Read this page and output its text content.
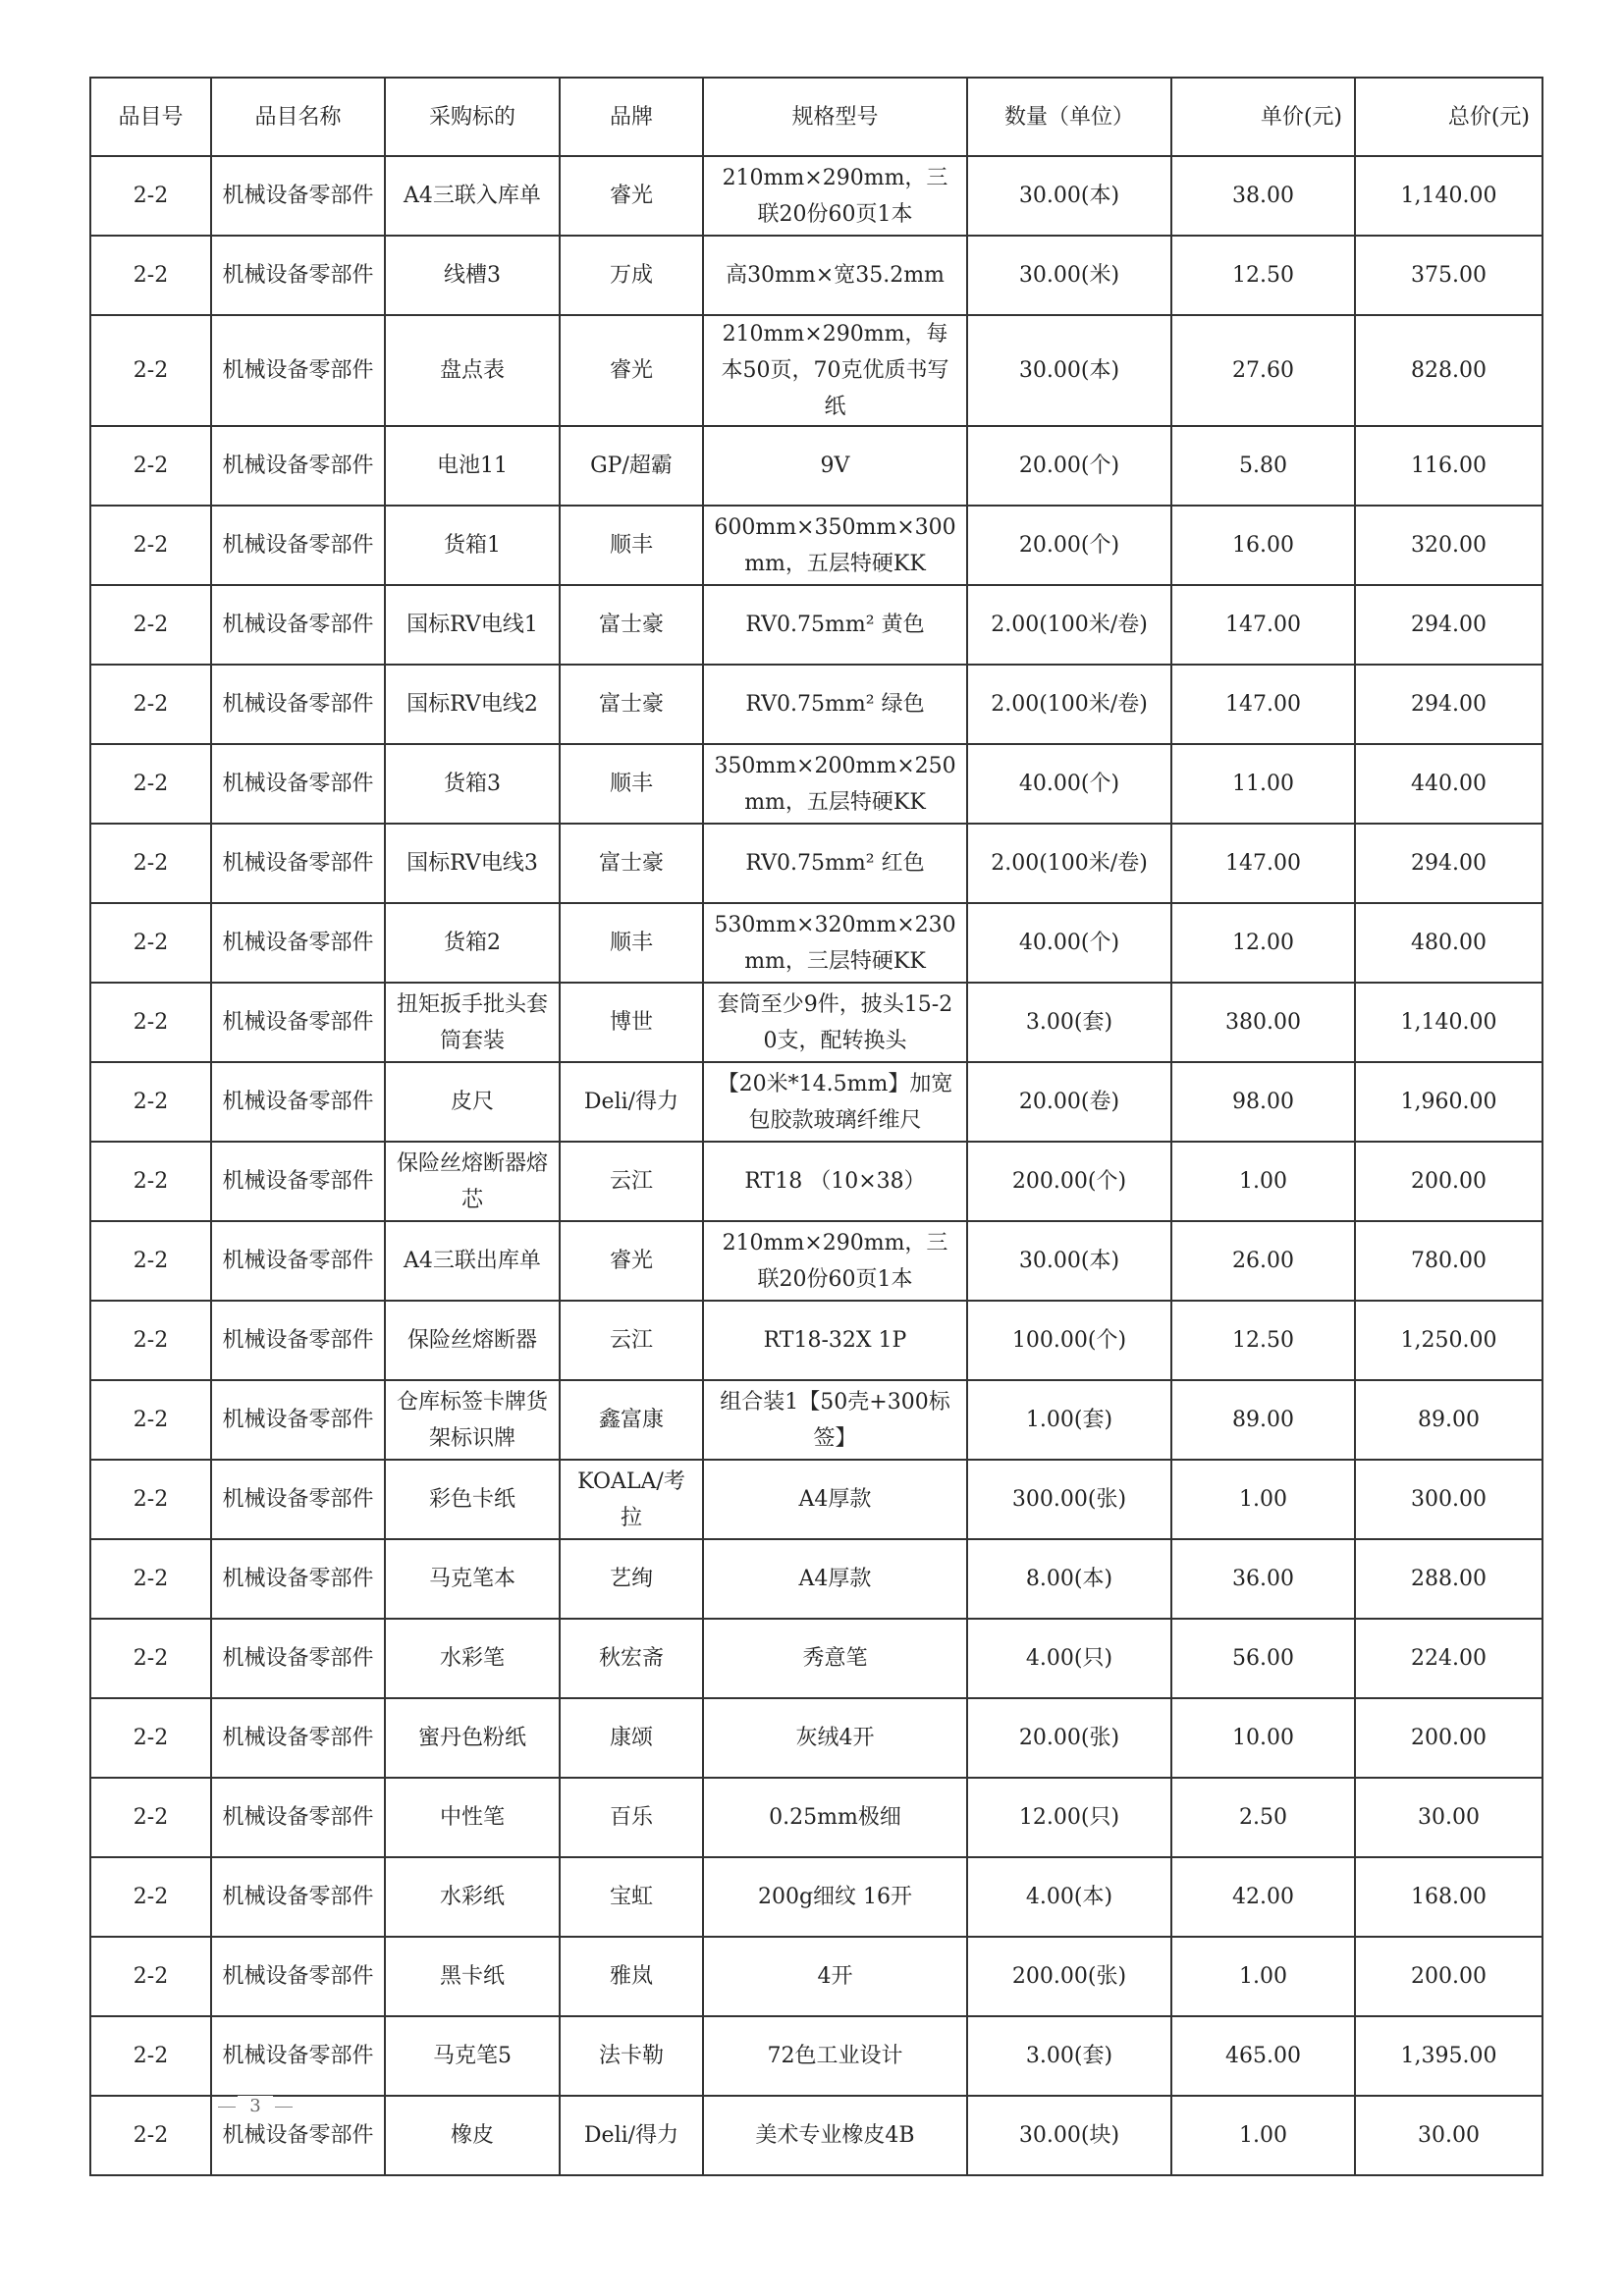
品目号	品目名称	采购标的	品牌	规格型号	数量（单位）	单价(元)	总价(元)
2-2	机械设备零部件	A4三联入库单	睿光	210mm×290mm，三联20份60页1本	30.00(本)	38.00	1,140.00
2-2	机械设备零部件	线槽3	万成	高30mm×宽35.2mm	30.00(米)	12.50	375.00
2-2	机械设备零部件	盘点表	睿光	210mm×290mm，每本50页，70克优质书写纸	30.00(本)	27.60	828.00
2-2	机械设备零部件	电池11	GP/超霸	9V	20.00(个)	5.80	116.00
2-2	机械设备零部件	货箱1	顺丰	600mm×350mm×300mm，五层特硬KK	20.00(个)	16.00	320.00
2-2	机械设备零部件	国标RV电线1	富士豪	RV0.75mm² 黄色	2.00(100米/卷)	147.00	294.00
2-2	机械设备零部件	国标RV电线2	富士豪	RV0.75mm² 绿色	2.00(100米/卷)	147.00	294.00
2-2	机械设备零部件	货箱3	顺丰	350mm×200mm×250mm，五层特硬KK	40.00(个)	11.00	440.00
2-2	机械设备零部件	国标RV电线3	富士豪	RV0.75mm² 红色	2.00(100米/卷)	147.00	294.00
2-2	机械设备零部件	货箱2	顺丰	530mm×320mm×230mm，三层特硬KK	40.00(个)	12.00	480.00
2-2	机械设备零部件	扭矩扳手批头套筒套装	博世	套筒至少9件，披头15-20支，配转换头	3.00(套)	380.00	1,140.00
2-2	机械设备零部件	皮尺	Deli/得力	【20米*14.5mm】加宽包胶款玻璃纤维尺	20.00(卷)	98.00	1,960.00
2-2	机械设备零部件	保险丝熔断器熔芯	云江	RT18 （10×38）	200.00(个)	1.00	200.00
2-2	机械设备零部件	A4三联出库单	睿光	210mm×290mm，三联20份60页1本	30.00(本)	26.00	780.00
2-2	机械设备零部件	保险丝熔断器	云江	RT18-32X 1P	100.00(个)	12.50	1,250.00
2-2	机械设备零部件	仓库标签卡牌货架标识牌	鑫富康	组合装1【50壳+300标签】	1.00(套)	89.00	89.00
2-2	机械设备零部件	彩色卡纸	KOALA/考拉	A4厚款	300.00(张)	1.00	300.00
2-2	机械设备零部件	马克笔本	艺绚	A4厚款	8.00(本)	36.00	288.00
2-2	机械设备零部件	水彩笔	秋宏斋	秀意笔	4.00(只)	56.00	224.00
2-2	机械设备零部件	蜜丹色粉纸	康颂	灰绒4开	20.00(张)	10.00	200.00
2-2	机械设备零部件	中性笔	百乐	0.25mm极细	12.00(只)	2.50	30.00
2-2	机械设备零部件	水彩纸	宝虹	200g细纹 16开	4.00(本)	42.00	168.00
2-2	机械设备零部件	黑卡纸	雅岚	4开	200.00(张)	1.00	200.00
2-2	机械设备零部件	马克笔5	法卡勒	72色工业设计	3.00(套)	465.00	1,395.00
2-2	机械设备零部件	橡皮	Deli/得力	美术专业橡皮4B	30.00(块)	1.00	30.00
3
